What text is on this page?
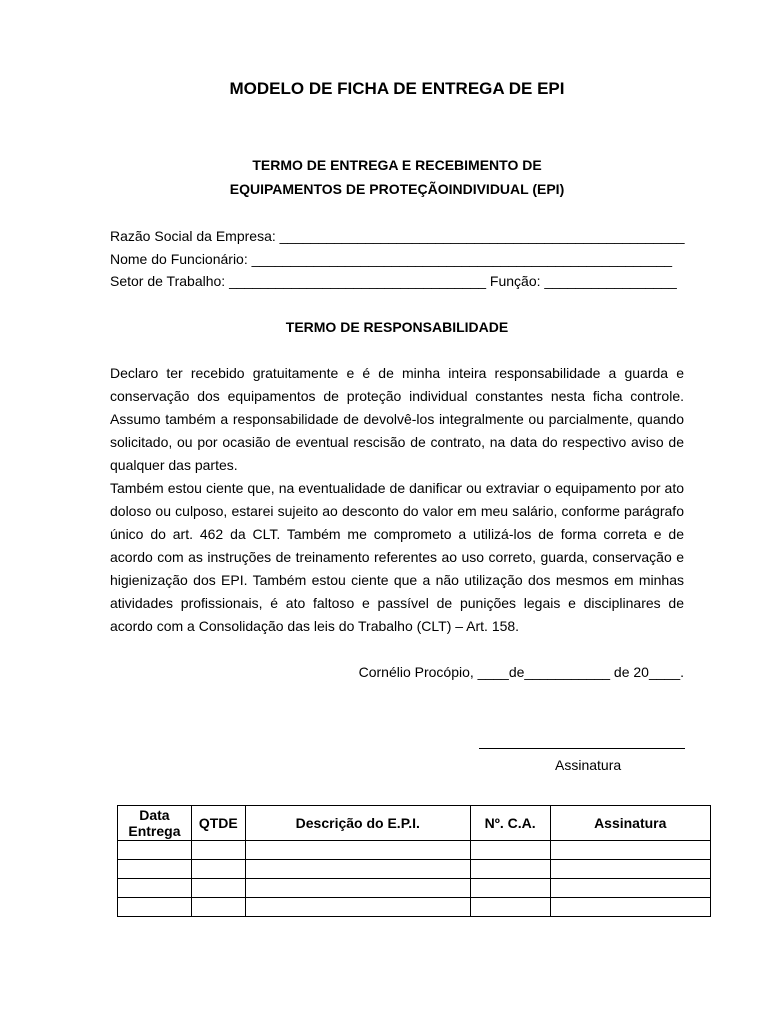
MODELO DE FICHA DE ENTREGA DE EPI

TERMO DE ENTREGA E RECEBIMENTO DE

EQUIPAMENTOS DE PROTEÇÃOINDIVIDUAL (EPI)

Razão Social da Empresa: ____________________________________________________

Nome do Funcionário: ______________________________________________________

Setor de Trabalho: _________________________________ Função: _________________

TERMO DE RESPONSABILIDADE

Declaro ter recebido gratuitamente e é de minha inteira responsabilidade a guarda e conservação dos equipamentos de proteção individual constantes nesta ficha controle. Assumo também a responsabilidade de devolvê-los integralmente ou parcialmente, quando solicitado, ou por ocasião de eventual rescisão de contrato, na data do respectivo aviso de qualquer das partes.

Também estou ciente que, na eventualidade de danificar ou extraviar o equipamento por ato doloso ou culposo, estarei sujeito ao desconto do valor em meu salário, conforme parágrafo único do art. 462 da CLT. Também me comprometo a utilizá-los de forma correta e de acordo com as instruções de treinamento referentes ao uso correto, guarda, conservação e higienização dos EPI. Também estou ciente que a não utilização dos mesmos em minhas atividades profissionais, é ato faltoso e passível de punições legais e disciplinares de acordo com a Consolidação das leis do Trabalho (CLT) – Art. 158.

Cornélio Procópio, ____de___________ de 20____.

Assinatura

Data
Entrega	QTDE	Descrição do E.P.I.	Nº. C.A.	Assinatura
